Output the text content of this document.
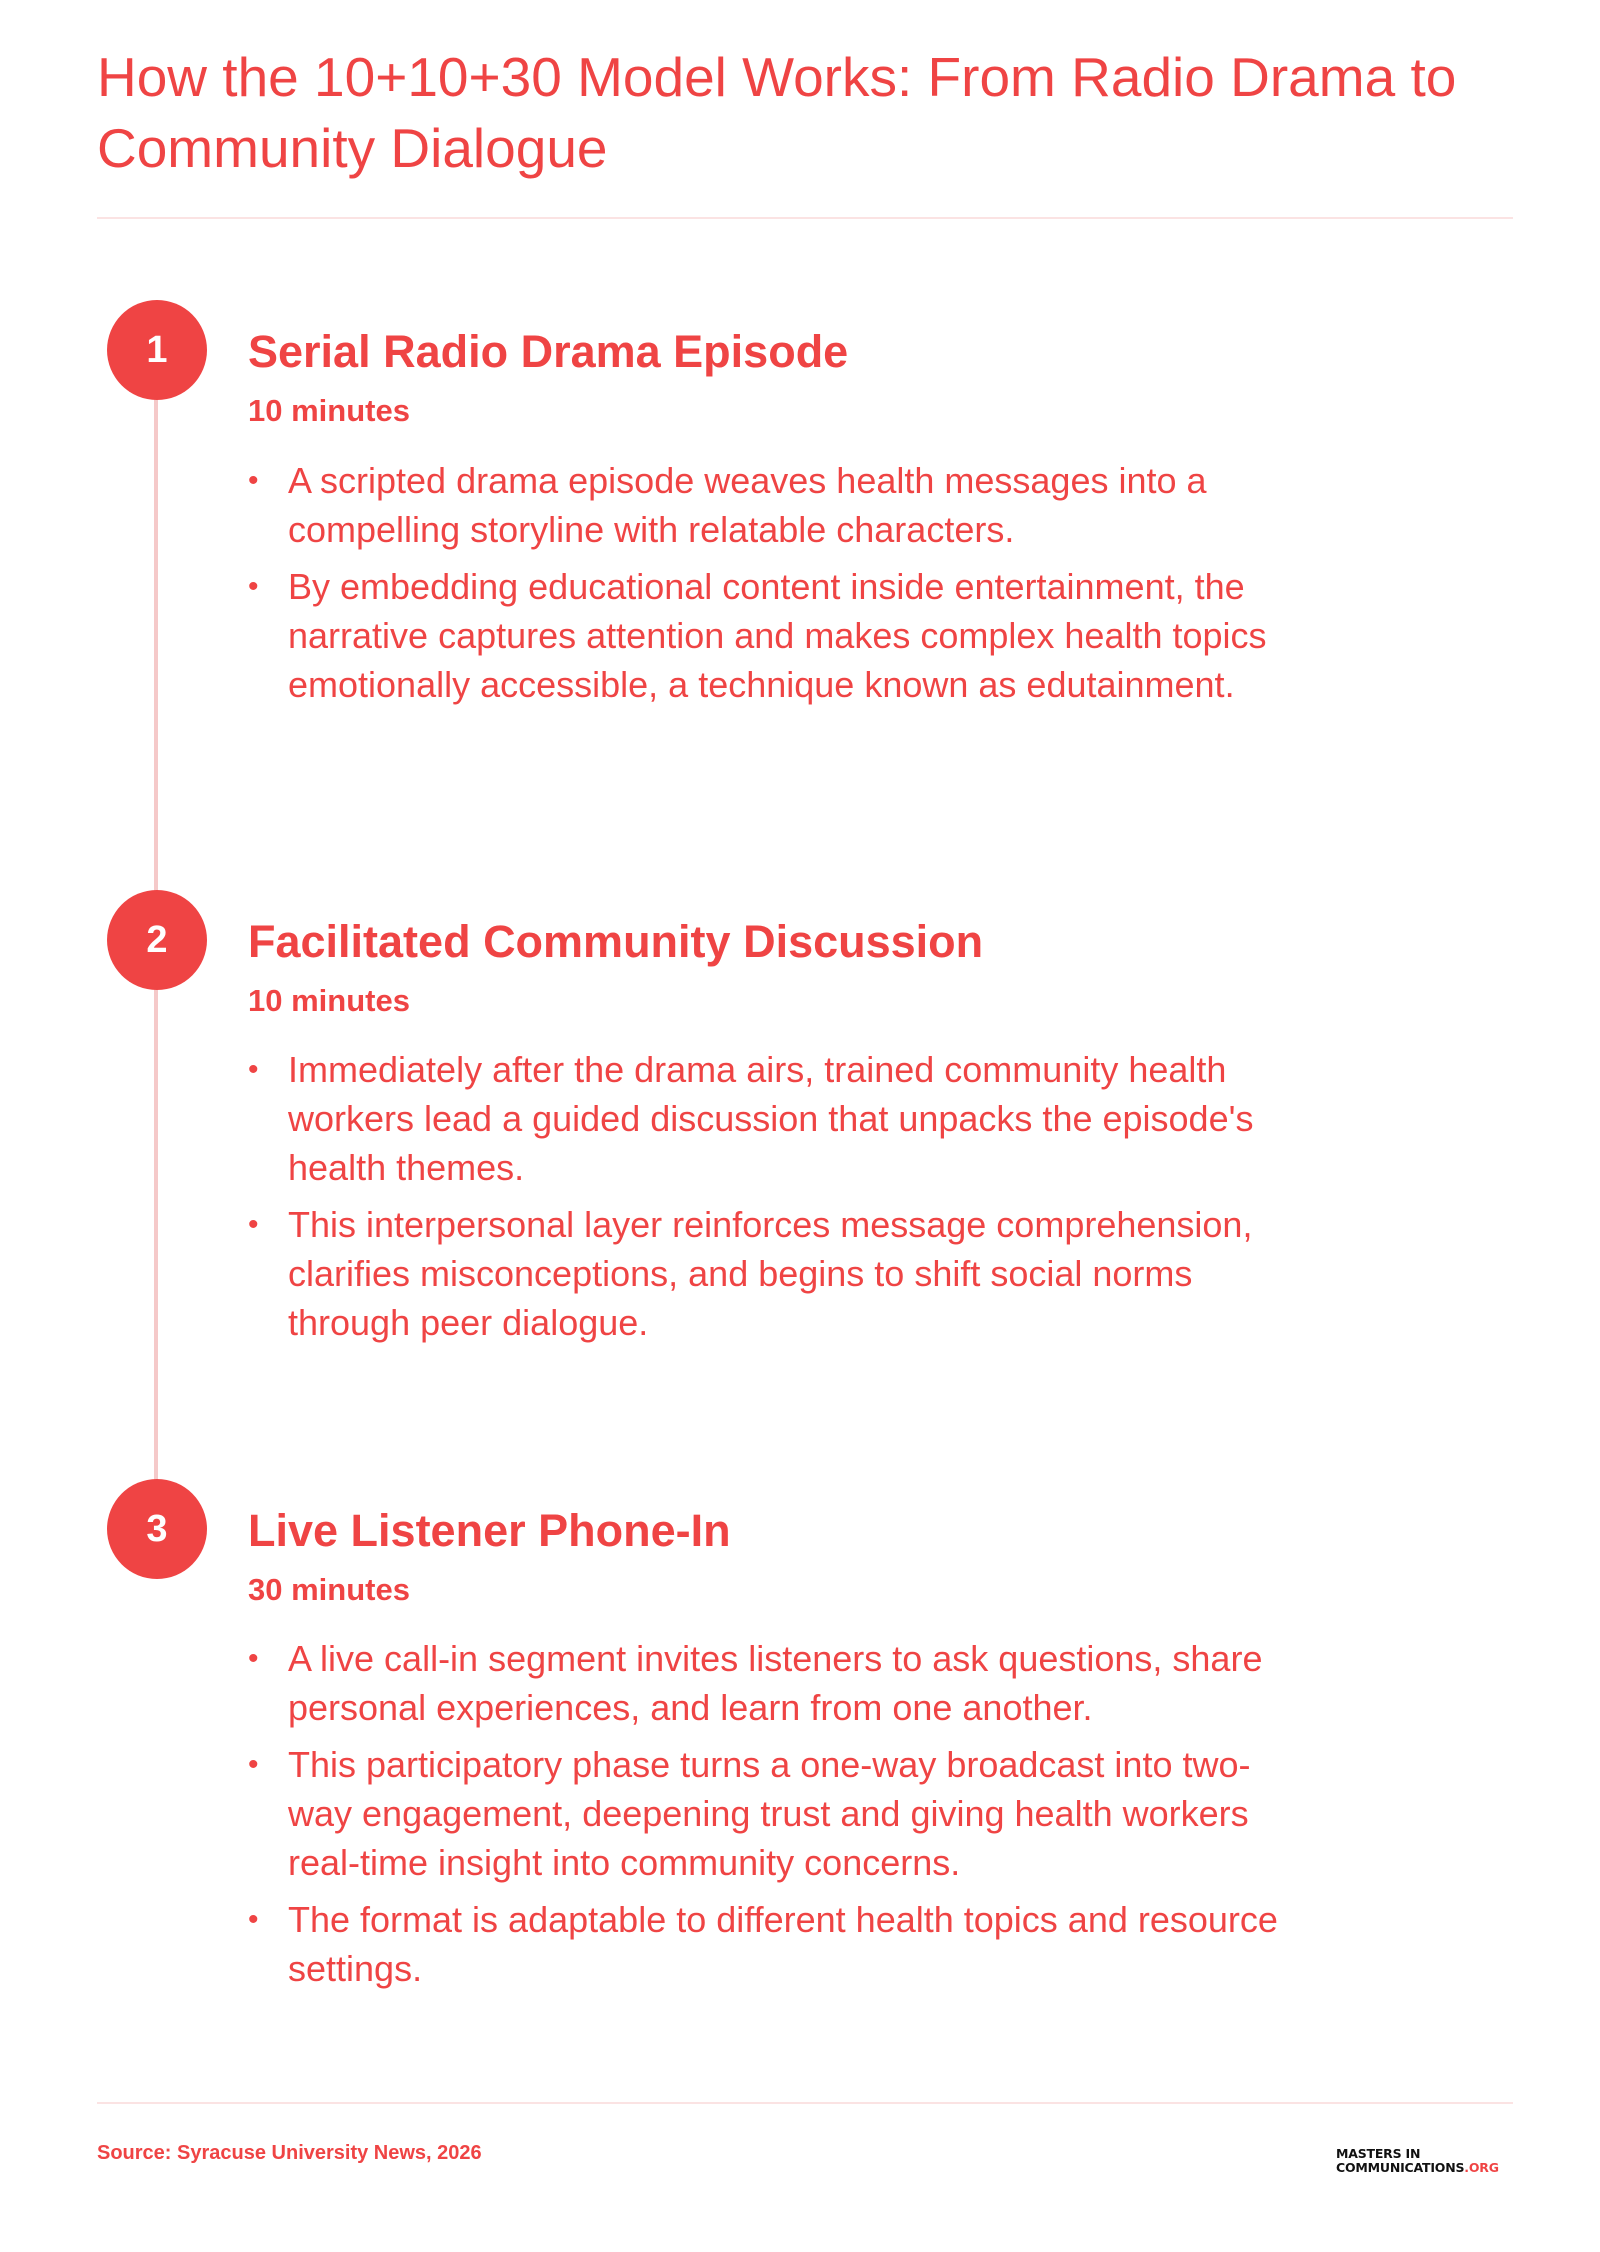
How the 10+10+30 Model Works: From Radio Drama to Community Dialogue
1	Serial Radio Drama Episode
10 minutes
• A scripted drama episode weaves health messages into a compelling storyline with relatable characters.
• By embedding educational content inside entertainment, the narrative captures attention and makes complex health topics emotionally accessible, a technique known as edutainment.
2	Facilitated Community Discussion
10 minutes
• Immediately after the drama airs, trained community health workers lead a guided discussion that unpacks the episode's health themes.
• This interpersonal layer reinforces message comprehension, clarifies misconceptions, and begins to shift social norms through peer dialogue.
3	Live Listener Phone-In
30 minutes
• A live call-in segment invites listeners to ask questions, share personal experiences, and learn from one another.
• This participatory phase turns a one-way broadcast into two-way engagement, deepening trust and giving health workers real-time insight into community concerns.
• The format is adaptable to different health topics and resource settings.
Source: Syracuse University News, 2026	MASTERS IN
COMMUNICATIONS.ORG
